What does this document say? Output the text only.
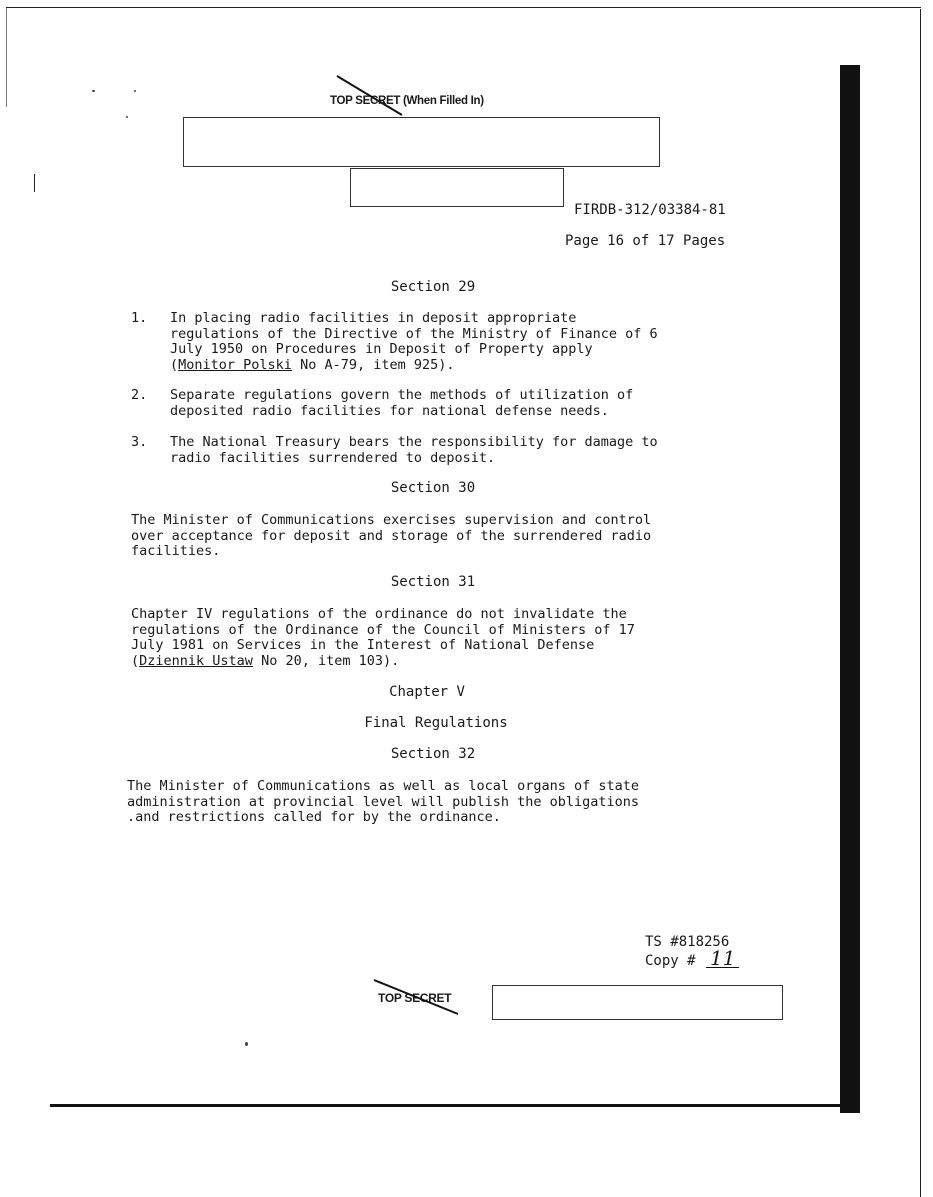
TOP SECRET (When Filled In)
FIRDB-312/03384-81
Page 16 of 17 Pages
Section 29
1. In placing radio facilities in deposit appropriate
regulations of the Directive of the Ministry of Finance of 6
July 1950 on Procedures in Deposit of Property apply
(Monitor Polski No A-79, item 925).
2. Separate regulations govern the methods of utilization of
deposited radio facilities for national defense needs.
3. The National Treasury bears the responsibility for damage to
radio facilities surrendered to deposit.
Section 30
The Minister of Communications exercises supervision and control
over acceptance for deposit and storage of the surrendered radio
facilities.
Section 31
Chapter IV regulations of the ordinance do not invalidate the
regulations of the Ordinance of the Council of Ministers of 17
July 1981 on Services in the Interest of National Defense
(Dziennik Ustaw No 20, item 103).
Chapter V
Final Regulations
Section 32
The Minister of Communications as well as local organs of state
administration at provincial level will publish the obligations
.and restrictions called for by the ordinance.
TS #818256
Copy # 11
TOP SECRET
